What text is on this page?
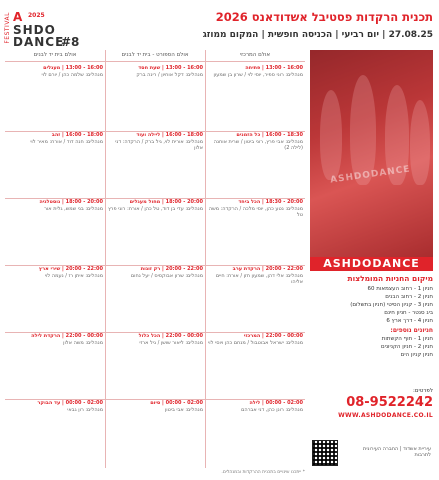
FESTIVAL A 2025
SHDO
DANCE
#8
תכנית הרקדות פסטיבל אשדודאנס 2026
27.08.25 | יום רביעי | הכניסה חופשית | המקום ממוזג
אולם המרכזי
אולם הספורט - בית יד לבנים
אולם בית יד לבנים
16:00 - 13:00 | פתיחה
מנהלים: רוני ספיר, יוסי לוי / שרון בן שמעון
18:30 - 16:00 | כל הזמנים
מנהלים: אבי פרץ, רוני ביטון / שרית אוחנה (לילה 2)
20:00 - 18:30 | הכל ביחד
מנהלים: נטע כהן, יוסי מלכה / הרקדה: משה טל
22:00 - 20:00 | הרקדת ערב
מנהלים: אלי דהן, שמעון חזן / אורח: חיים אליהו
00:00 - 22:00 | המרכזי
מנהלים: ישראל אבוטבול / מנחם כהן ויוסי לוי
02:00 - 00:00 | לילה
מנהלים: רונן כהן, דני אברהם
16:00 - 13:00 | שעת חסד
מנהלים: דקל אוחיון / רינה ברק
18:00 - 16:00 | ליילה ועוד
מנהלים: אורית לוי, גיל ברק / הרקדה: דני אלון
20:00 - 18:00 | מחול מעגלים
מנהלים: עדי בן דוד, טל כהן / אורח: רוני פרץ
22:00 - 20:00 | רק זוגות
מנהלים: שרון אבוקסיס / יעל נחום
00:00 - 22:00 | הכל כלול
מנהלים: ליאור שושן / גיל ארזי
02:00 - 00:00 | סיום
מנהלים: אבי ביטון
16:00 - 13:00 | מעגלים
מנהלים: שלמה כהן / יורם לוי
18:00 - 16:00 | זהב
מנהלים: חנה דוד / אורח: מאיר לוי
20:00 - 18:00 | נוסטלגיה
מנהלים: בני שמש, גלית אור
22:00 - 20:00 | שירי ארץ
מנהלים: איתן רז / נעמה לוי
00:00 - 22:00 | הרקדת לילה
מנהלים: משה אלון
02:00 - 00:00 | עד הבוקר
מנהלים: רון גבאי
ASHDODANCE
ASHDODANCE
מיקום החניות המומלצות
חניון 1 - רחוב העצמאות 60
חניון 2 - רחוב הבנים
חניון 3 - קניון הסיטי (חניון בתשלום)
ביג סנטר - חניון חינם
חניון 4 - דרך ארץ 6
חניונים נוספים:
חניון 1 - חוף הקשתות
חניון 2 - חניון הקניונים
חניון קניון הים
לפרטים:
08-9522242
WWW.ASHDODANCE.CO.IL
עיריית אשדוד | החברה העירונית לתרבות
* ייתכנו שינויים בתכנית ההרקדות ובמנהלים.
